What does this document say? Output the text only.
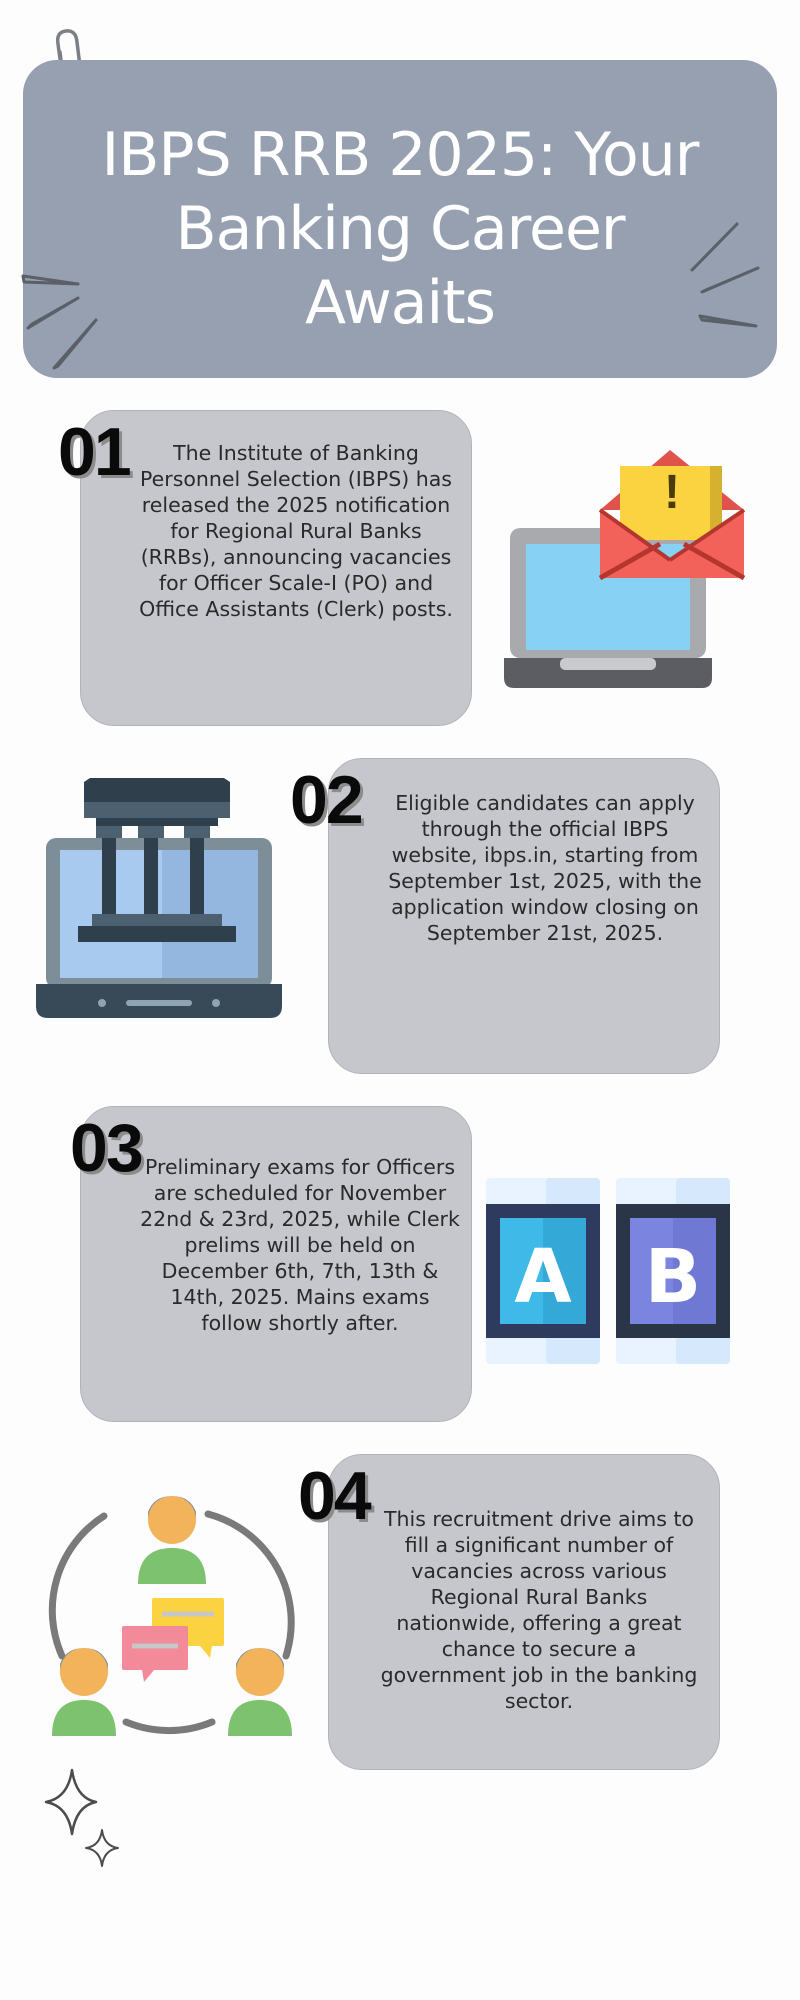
IBPS RRB 2025: Your
Banking Career
Awaits
01	The Institute of Banking Personnel Selection (IBPS) has released the 2025 notification for Regional Rural Banks (RRBs), announcing vacancies for Officer Scale-I (PO) and Office Assistants (Clerk) posts.
!
02	Eligible candidates can apply through the official IBPS website, ibps.in, starting from September 1st, 2025, with the application window closing on September 21st, 2025.
03 Preliminary exams for Officers are scheduled for November 22nd & 23rd, 2025, while Clerk prelims will be held on December 6th, 7th, 13th & 14th, 2025. Mains exams follow shortly after.
A B
04 This recruitment drive aims to fill a significant number of vacancies across various Regional Rural Banks nationwide, offering a great chance to secure a government job in the banking sector.
